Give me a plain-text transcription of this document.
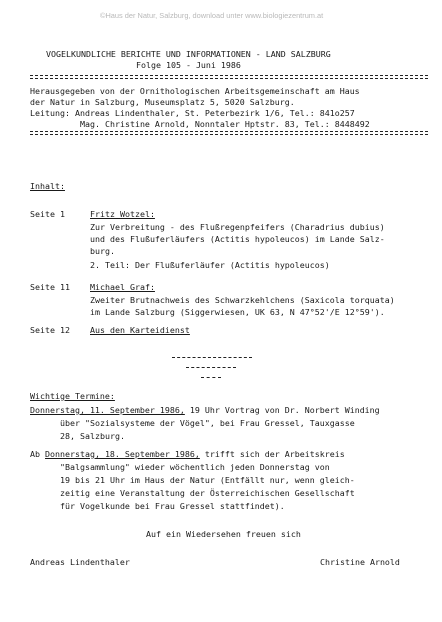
©Haus der Natur, Salzburg, download unter www.biologiezentrum.at
VOGELKUNDLICHE BERICHTE UND INFORMATIONEN - LAND SALZBURG
Folge 105 - Juni 1986
Herausgegeben von der Ornithologischen Arbeitsgemeinschaft am Haus
der Natur in Salzburg, Museumsplatz 5, 5020 Salzburg.
Leitung: Andreas Lindenthaler, St. Peterbezirk 1/6, Tel.: 841o257
Mag. Christine Arnold, Nonntaler Hptstr. 83, Tel.: 8448492
Inhalt:
Seite 1	Fritz Wotzel:
Zur Verbreitung - des Flußregenpfeifers (Charadrius dubius)
und des Flußuferläufers (Actitis hypoleucos) im Lande Salz-
burg.
2. Teil: Der Flußuferläufer (Actitis hypoleucos)
Seite 11 Michael Graf:
Zweiter Brutnachweis des Schwarzkehlchens (Saxicola torquata)
im Lande Salzburg (Siggerwiesen, UK 63, N 47°52'/E 12°59').
Seite 12 Aus den Karteidienst
Wichtige Termine:
Donnerstag, 11. September 1986, 19 Uhr Vortrag von Dr. Norbert Winding
über "Sozialsysteme der Vögel", bei Frau Gressel, Tauxgasse
28, Salzburg.
Ab Donnerstag, 18. September 1986, trifft sich der Arbeitskreis
"Balgsammlung" wieder wöchentlich jeden Donnerstag von
19 bis 21 Uhr im Haus der Natur (Entfällt nur, wenn gleich-
zeitig eine Veranstaltung der Österreichischen Gesellschaft
für Vogelkunde bei Frau Gressel stattfindet).
Auf ein Wiedersehen freuen sich
Andreas Lindenthaler	Christine Arnold
